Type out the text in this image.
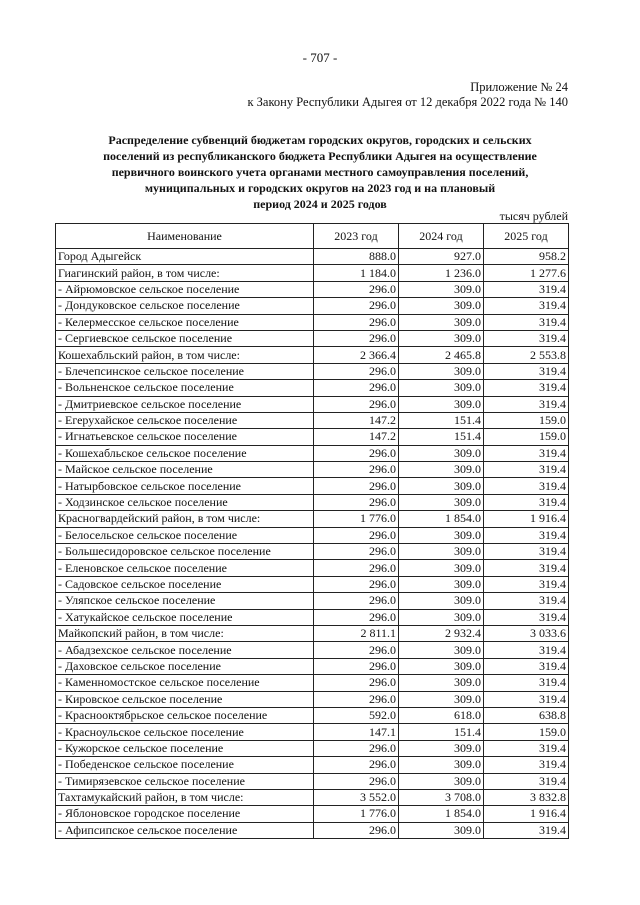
- 707 -
Приложение № 24
к Закону Республики Адыгея от 12 декабря 2022 года № 140
Распределение субвенций бюджетам городских округов, городских и сельских
поселений из республиканского бюджета Республики Адыгея на осуществление
первичного воинского учета органами местного самоуправления поселений,
муниципальных и городских округов на 2023 год и на плановый
период 2024 и 2025 годов
тысяч рублей
Наименование	2023 год	2024 год	2025 год
Город Адыгейск	888.0	927.0	958.2
Гиагинский район, в том числе:	1 184.0	1 236.0	1 277.6
- Айрюмовское сельское поселение	296.0	309.0	319.4
- Дондуковское сельское поселение	296.0	309.0	319.4
- Келермесское сельское поселение	296.0	309.0	319.4
- Сергиевское сельское поселение	296.0	309.0	319.4
Кошехабльский район, в том числе:	2 366.4	2 465.8	2 553.8
- Блечепсинское сельское поселение	296.0	309.0	319.4
- Вольненское сельское поселение	296.0	309.0	319.4
- Дмитриевское сельское поселение	296.0	309.0	319.4
- Егерухайское сельское поселение	147.2	151.4	159.0
- Игнатьевское сельское поселение	147.2	151.4	159.0
- Кошехабльское сельское поселение	296.0	309.0	319.4
- Майское сельское поселение	296.0	309.0	319.4
- Натырбовское сельское поселение	296.0	309.0	319.4
- Ходзинское сельское поселение	296.0	309.0	319.4
Красногвардейский район, в том числе:	1 776.0	1 854.0	1 916.4
- Белосельское сельское поселение	296.0	309.0	319.4
- Большесидоровское сельское поселение	296.0	309.0	319.4
- Еленовское сельское поселение	296.0	309.0	319.4
- Садовское сельское поселение	296.0	309.0	319.4
- Уляпское сельское поселение	296.0	309.0	319.4
- Хатукайское сельское поселение	296.0	309.0	319.4
Майкопский район, в том числе:	2 811.1	2 932.4	3 033.6
- Абадзехское сельское поселение	296.0	309.0	319.4
- Даховское сельское поселение	296.0	309.0	319.4
- Каменномостское сельское поселение	296.0	309.0	319.4
- Кировское сельское поселение	296.0	309.0	319.4
- Краснооктябрьское сельское поселение	592.0	618.0	638.8
- Красноульское сельское поселение	147.1	151.4	159.0
- Кужорское сельское поселение	296.0	309.0	319.4
- Победенское сельское поселение	296.0	309.0	319.4
- Тимирязевское сельское поселение	296.0	309.0	319.4
Тахтамукайский район, в том числе:	3 552.0	3 708.0	3 832.8
- Яблоновское городское поселение	1 776.0	1 854.0	1 916.4
- Афипсипское сельское поселение	296.0	309.0	319.4
